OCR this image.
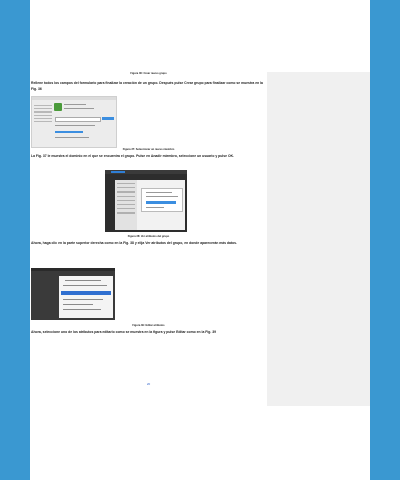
Figura 36: Crear nuevo grupo
Rellene todos los campos del formulario para finalizar la creación de un grupo. Después pulse Crear grupo para finalizar como se muestra en la Fig. 36
Figura 37: Seleccionar un nuevo miembro
La Fig. 37 le muestra el dominio en el que se encuentra el grupo. Pulse en Anadir miembro, seleccione un usuario y pulse OK.
Figura 38: Ver atributos del grupo
Ahora, haga clic en la parte superior derecha como en la Fig. 38 y elija Ver atributos del grupo, en donde aparecerán más datos.
Figura 39: Editar atributos
Ahora, seleccione uno de los atributos para editarlo como se muestra en la figura y pulse Editar como en la Fig. 39
20
